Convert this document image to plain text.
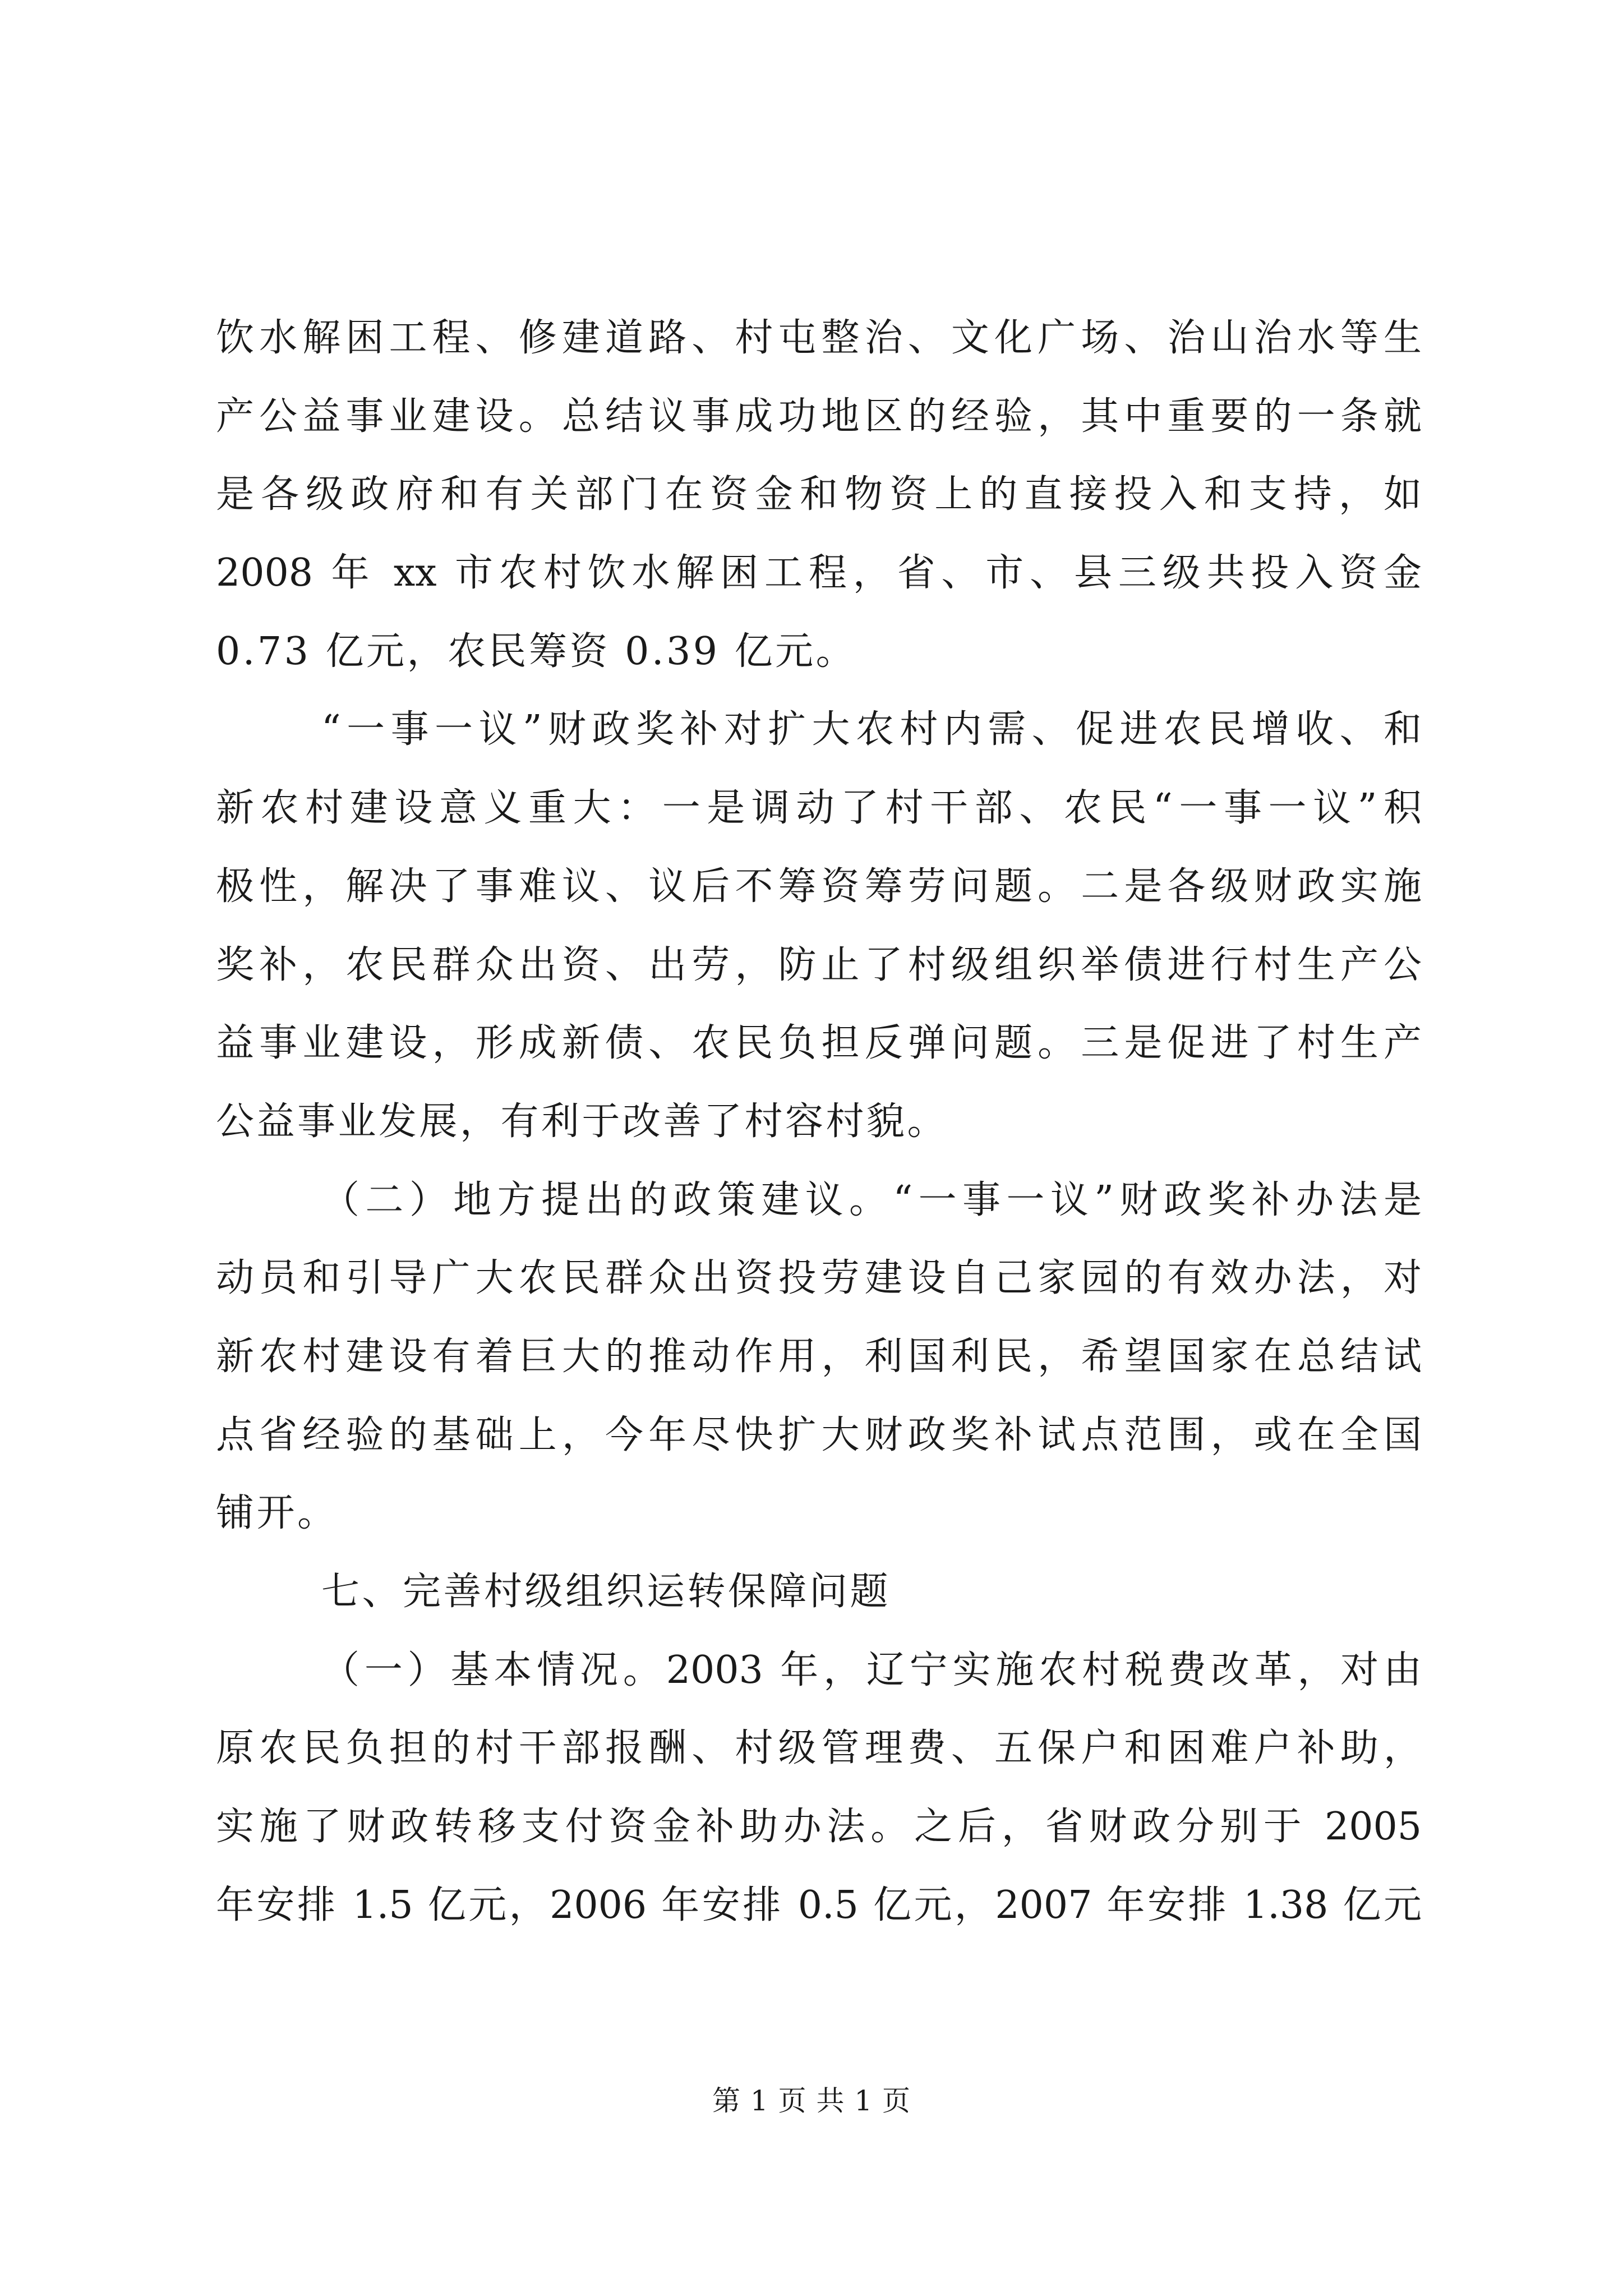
饮水解困工程、修建道路、村屯整治、文化广场、治山治水等生
产公益事业建设。总结议事成功地区的经验，其中重要的一条就
是各级政府和有关部门在资金和物资上的直接投入和支持，如
2008 年 xx 市农村饮水解困工程，省、市、县三级共投入资金
0.73 亿元，农民筹资 0.39 亿元。
“一事一议”财政奖补对扩大农村内需、促进农民增收、和
新农村建设意义重大：一是调动了村干部、农民“一事一议”积
极性，解决了事难议、议后不筹资筹劳问题。二是各级财政实施
奖补，农民群众出资、出劳，防止了村级组织举债进行村生产公
益事业建设，形成新债、农民负担反弹问题。三是促进了村生产
公益事业发展，有利于改善了村容村貌。
（二）地方提出的政策建议。“一事一议”财政奖补办法是
动员和引导广大农民群众出资投劳建设自己家园的有效办法，对
新农村建设有着巨大的推动作用，利国利民，希望国家在总结试
点省经验的基础上，今年尽快扩大财政奖补试点范围，或在全国
铺开。
七、完善村级组织运转保障问题
（一）基本情况。2003 年，辽宁实施农村税费改革，对由
原农民负担的村干部报酬、村级管理费、五保户和困难户补助，
实施了财政转移支付资金补助办法。之后，省财政分别于 2005
年安排 1.5 亿元，2006 年安排 0.5 亿元，2007 年安排 1.38 亿元
第 1 页 共 1 页
